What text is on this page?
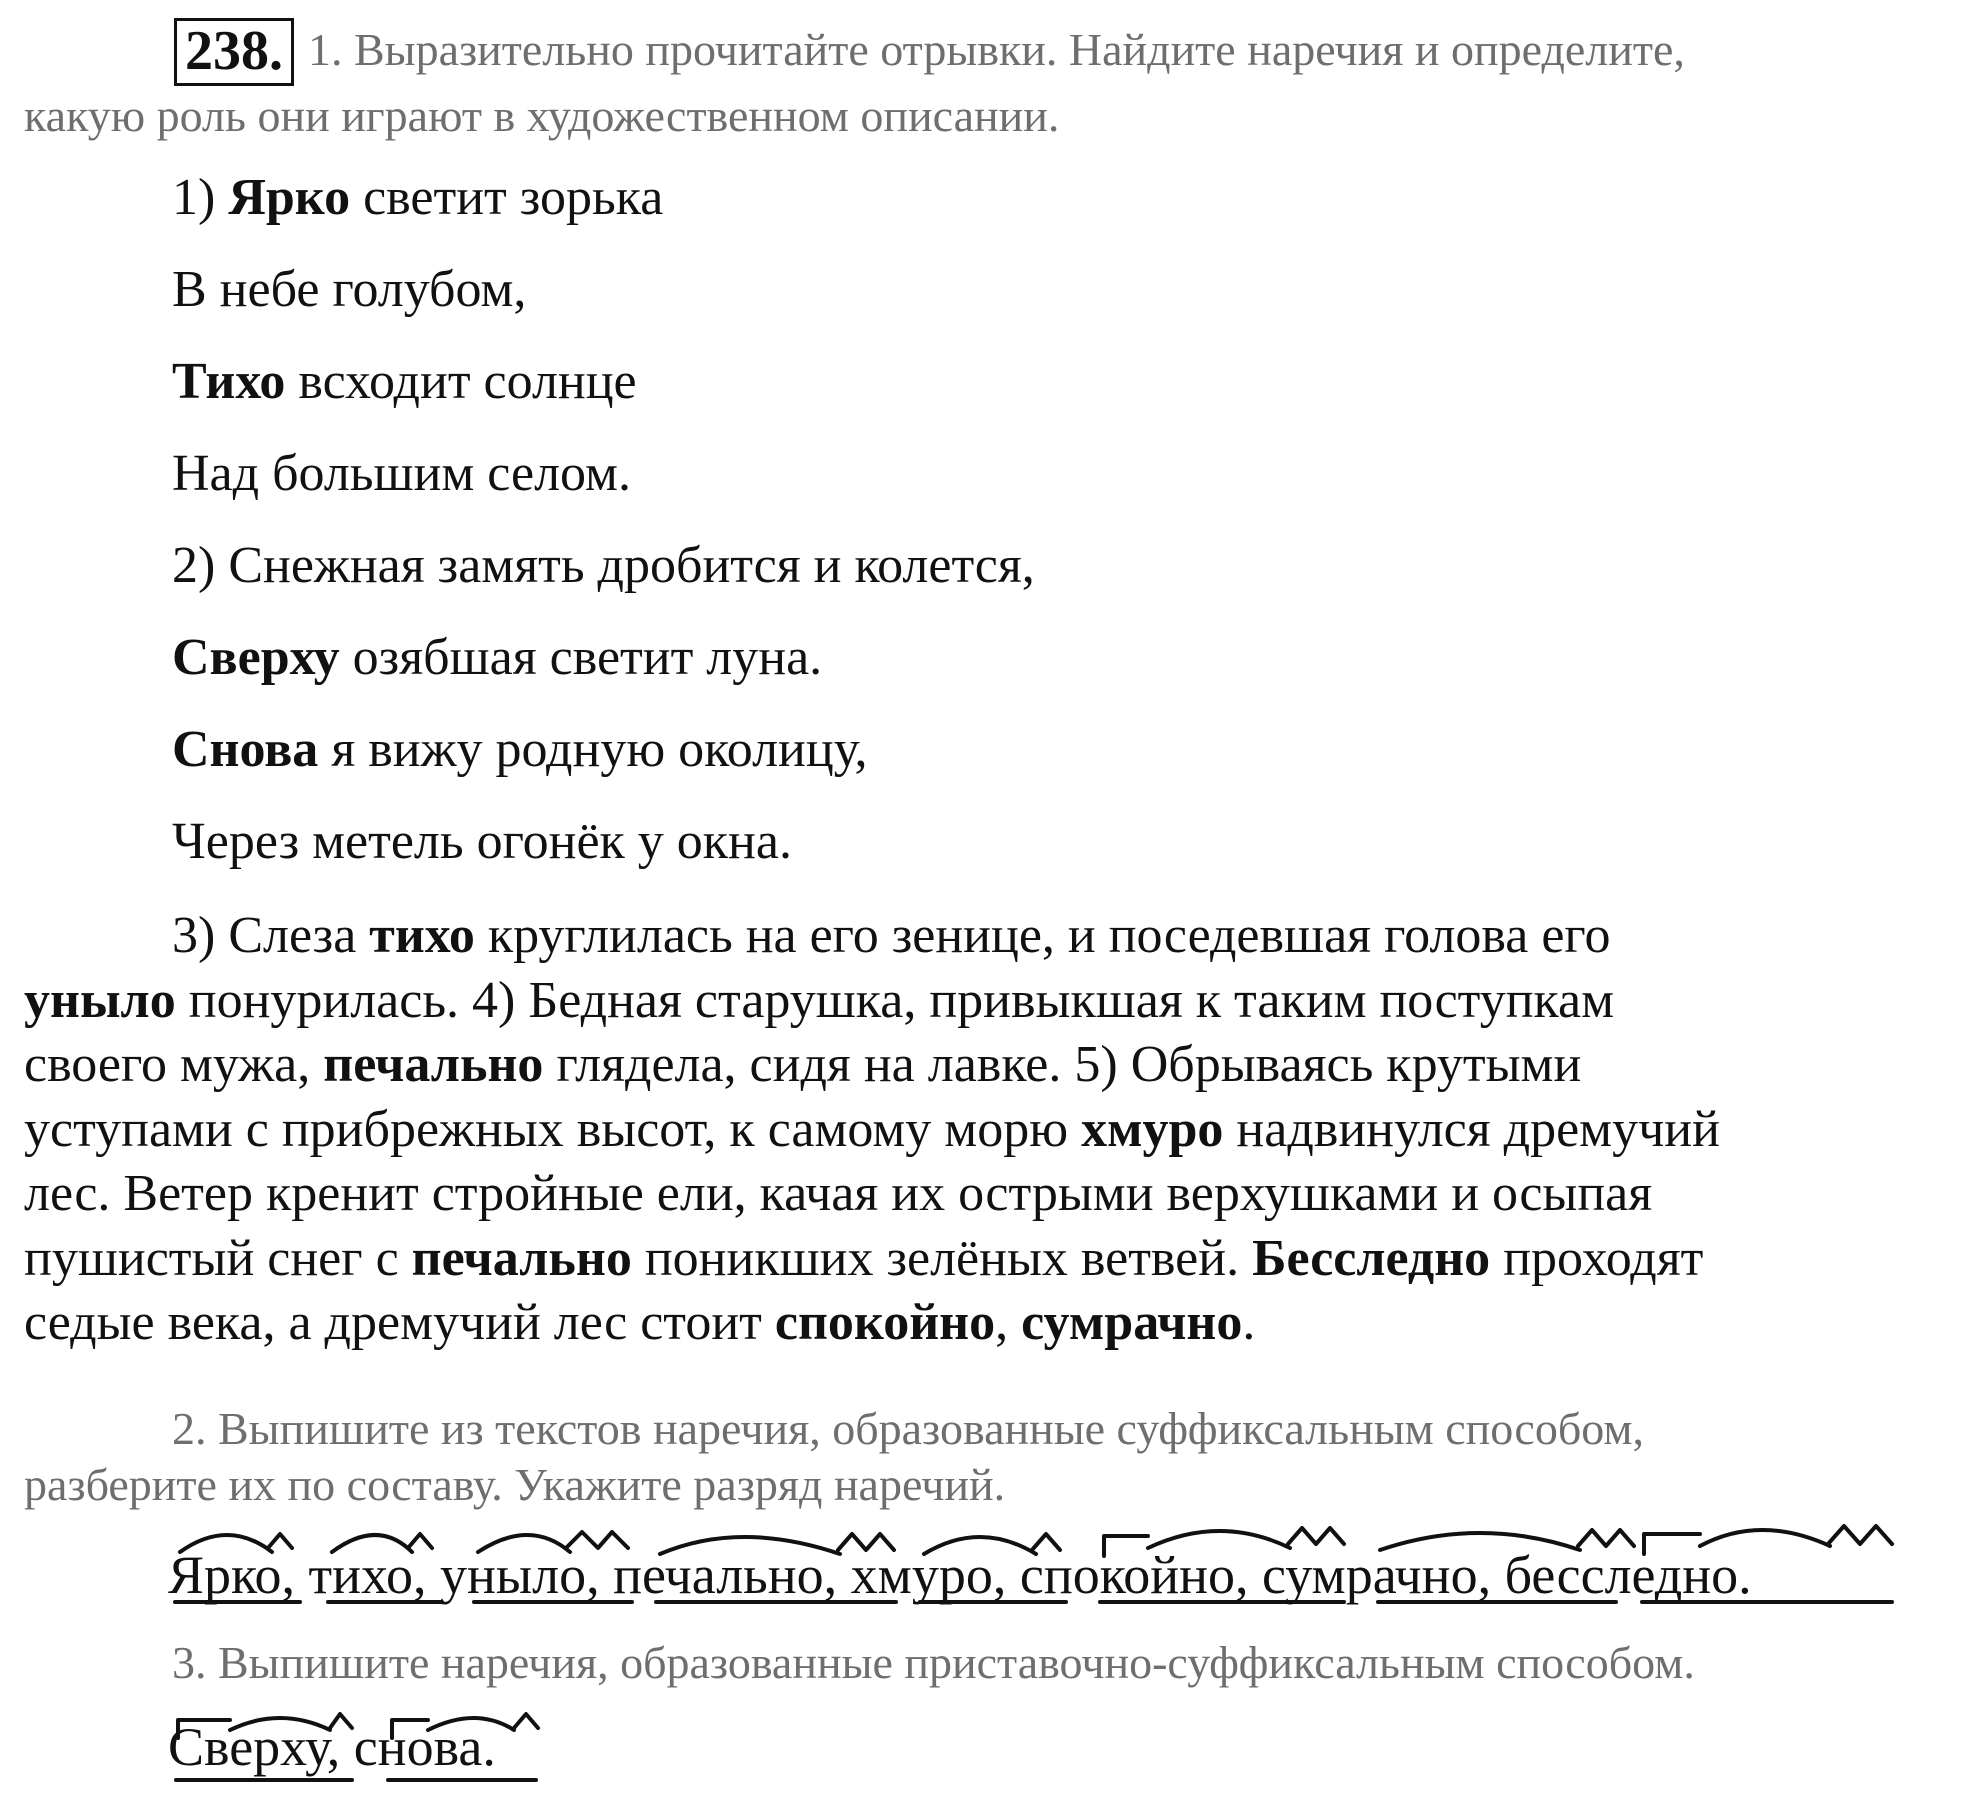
238. 1. Выразительно прочитайте отрывки. Найдите наречия и определите,
какую роль они играют в художественном описании.
1) Ярко светит зорька
В небе голубом,
Тихо всходит солнце
Над большим селом.
2) Снежная замять дробится и колется,
Сверху озябшая светит луна.
Снова я вижу родную околицу,
Через метель огонёк у окна.
3) Слеза тихо круглилась на его зенице, и поседевшая голова его
уныло понурилась. 4) Бедная старушка, привыкшая к таким поступкам
своего мужа, печально глядела, сидя на лавке. 5) Обрываясь крутыми
уступами с прибрежных высот, к самому морю хмуро надвинулся дремучий
лес. Ветер кренит стройные ели, качая их острыми верхушками и осыпая
пушистый снег с печально поникших зелёных ветвей. Бесследно проходят
седые века, а дремучий лес стоит спокойно, сумрачно.
2. Выпишите из текстов наречия, образованные суффиксальным способом,
разберите их по составу. Укажите разряд наречий.
Ярко, тихо, уныло, печально, хмуро, спокойно, сумрачно, бесследно.
3. Выпишите наречия, образованные приставочно-суффиксальным способом.
Сверху, снова.
